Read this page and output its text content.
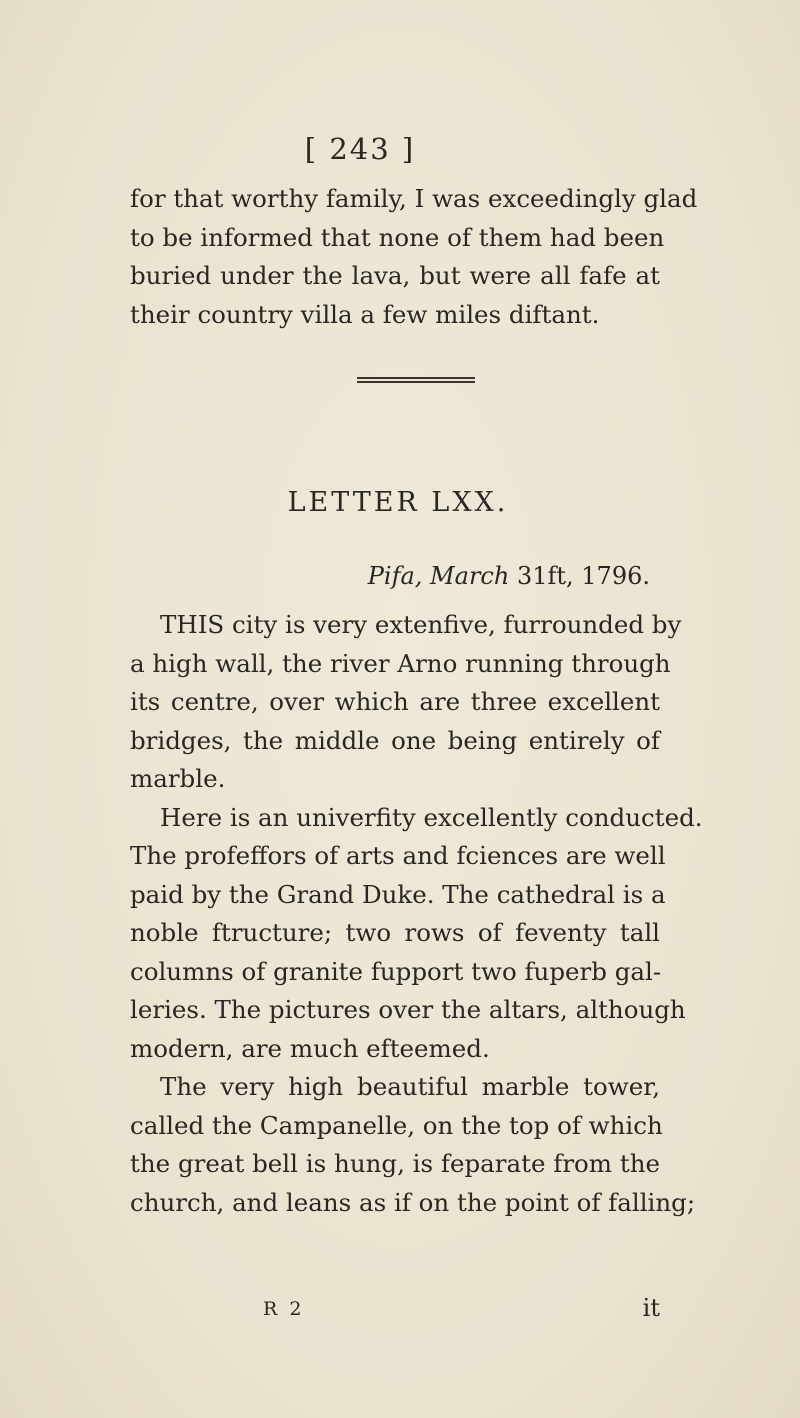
[ 243 ]
for that worthy family, I was exceedingly glad
to be informed that none of them had been
buried under the lava, but were all fafe at
their country villa a few miles diftant.
LETTER LXX.
Pifa, March 31ft, 1796.
THIS city is very extenfive, furrounded by
a high wall, the river Arno running through
its centre, over which are three excellent
bridges, the middle one being entirely of
marble.
Here is an univerfity excellently conducted.
The profeffors of arts and fciences are well
paid by the Grand Duke. The cathedral is a
noble ftructure; two rows of feventy tall
columns of granite fupport two fuperb gal-
leries. The pictures over the altars, although
modern, are much efteemed.
The very high beautiful marble tower,
called the Campanelle, on the top of which
the great bell is hung, is feparate from the
church, and leans as if on the point of falling;
R 2	it
